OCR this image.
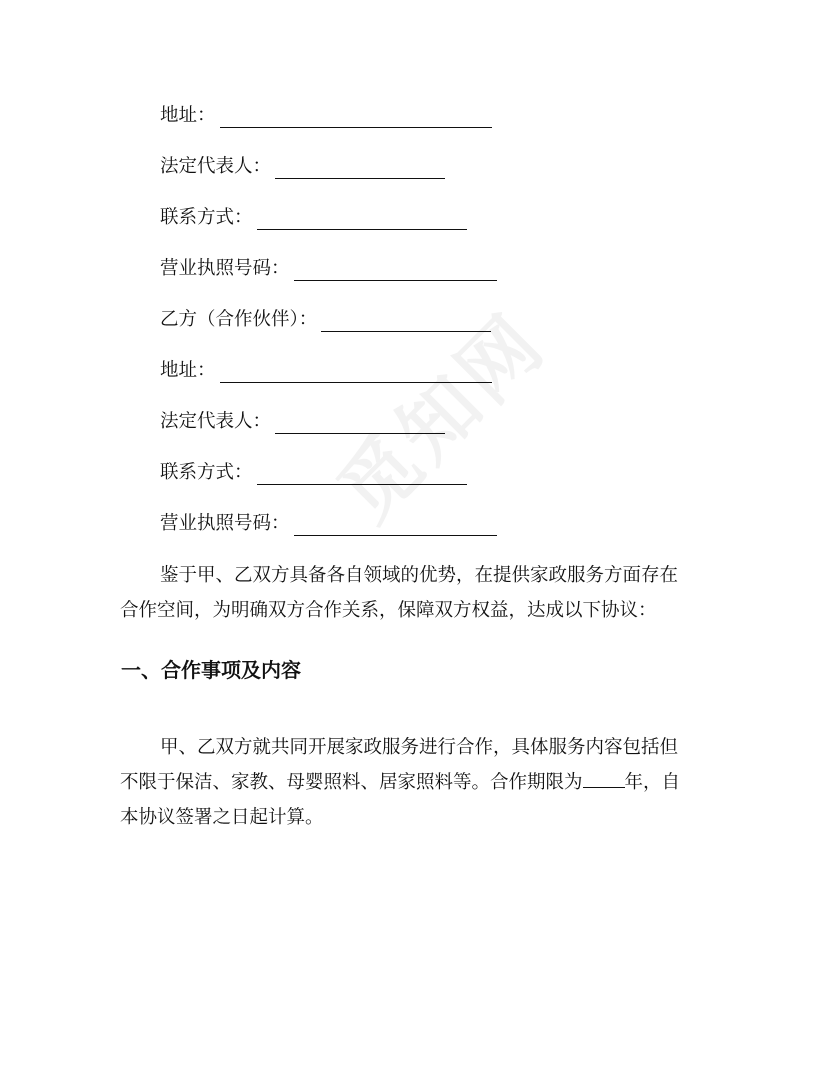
地址：
法定代表人：
联系方式：
营业执照号码：
乙方（合作伙伴）：
地址：
法定代表人：
联系方式：
营业执照号码：

鉴于甲、乙双方具备各自领域的优势，在提供家政服务方面存在
合作空间，为明确双方合作关系，保障双方权益，达成以下协议：

一、合作事项及内容

甲、乙双方就共同开展家政服务进行合作，具体服务内容包括但
不限于保洁、家教、母婴照料、居家照料等。合作期限为 年，自
本协议签署之日起计算。

觅知网
